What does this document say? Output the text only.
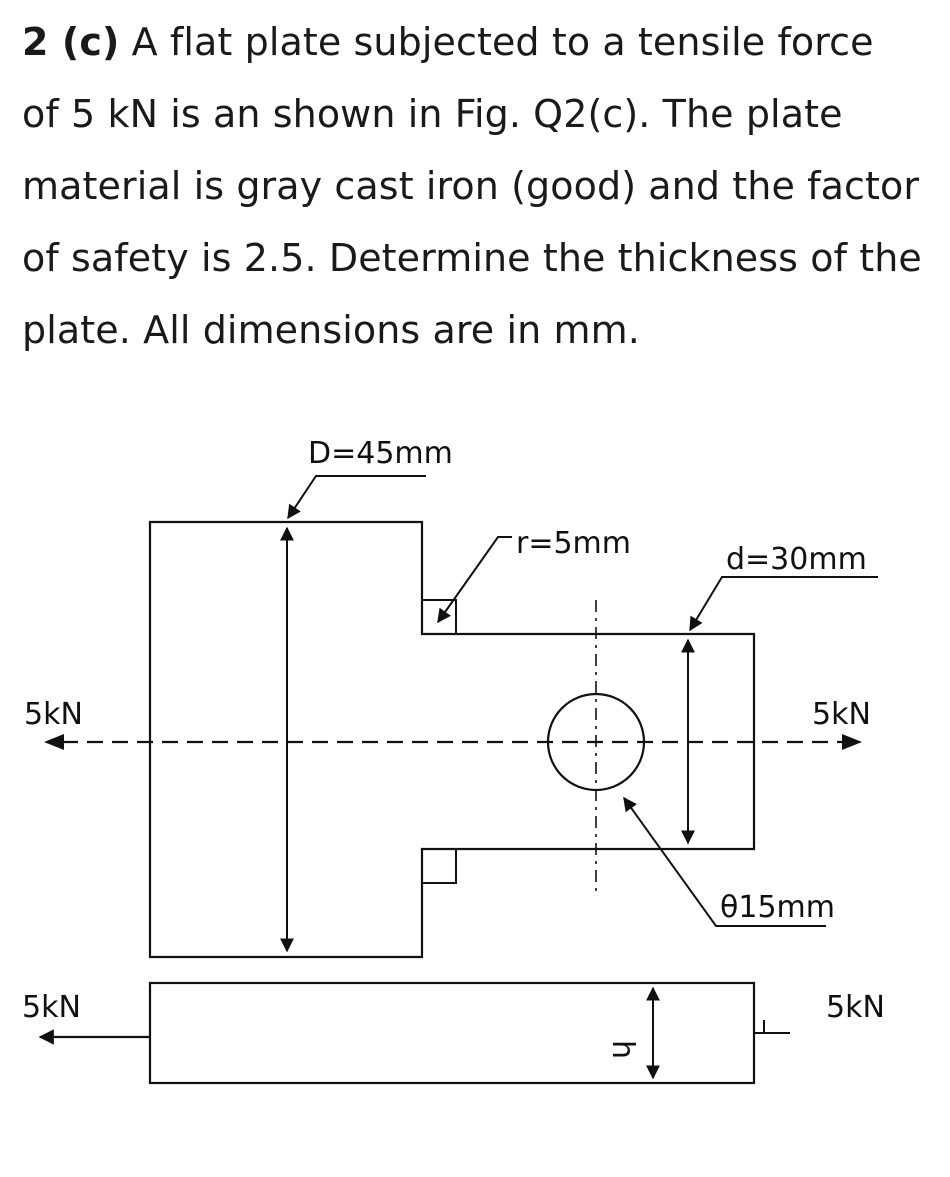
2 (c) A flat plate subjected to a tensile force of 5 kN is an shown in Fig. Q2(c). The plate material is gray cast iron (good) and the factor of safety is 2.5. Determine the thickness of the plate. All dimensions are in mm.
D=45mm
r=5mm	d=30mm
θ15mm
5kN	5kN
5kN	5kN
h
